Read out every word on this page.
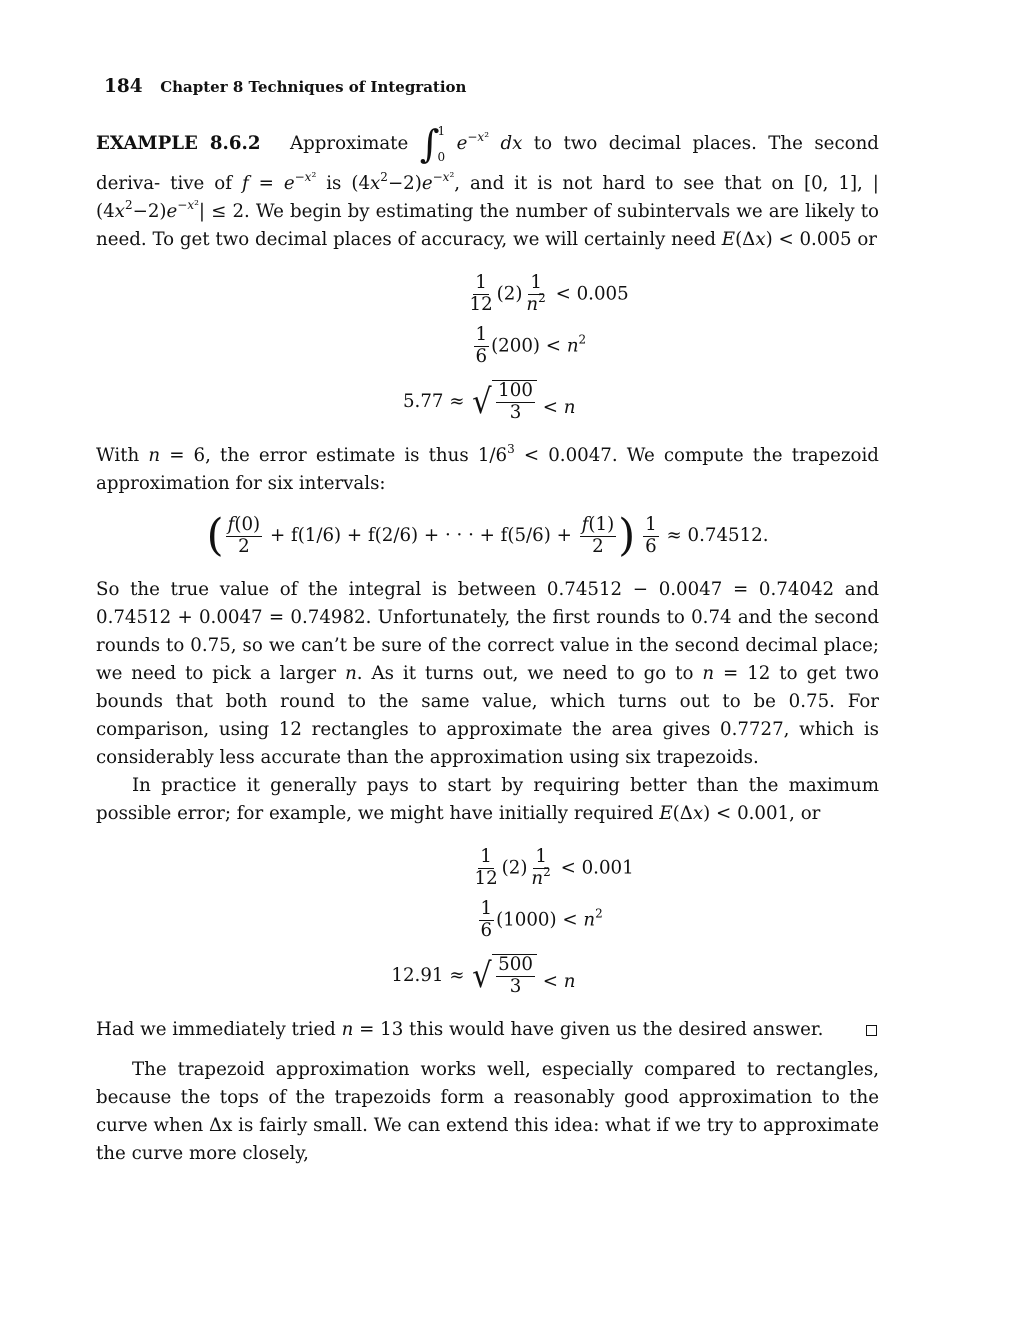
184 Chapter 8 Techniques of Integration

EXAMPLE 8.6.2 Approximate ∫
1
0
$e^{-x^2}$ dx to two decimal places. The second deriva- tive of $f = e^{-x^2}$ is $(4x^2-2)e^{-x^2}$, and it is not hard to see that on [0, 1], $|(4x^2-2)e^{-x^2}| \le 2$. We begin by estimating the number of subintervals we are likely to need. To get two decimal places of accuracy, we will certainly need E(Δx) < 0.005 or

$\frac{1}{12} (2) \frac{1}{n^2} < 0.005$
$\frac{1}{6} (200) < n^2$
5.77 ≈ √ $\frac{100}{3} < n$

With n = 6, the error estimate is thus $1/6^3 < 0.0047$. We compute the trapezoid approximation for six intervals:

( $\frac{f(0)}{2} + f(1/6) + f(2/6)$ + · · · + $f(5/6) + \frac{f(1)}{2}$ ) $\frac{1}{6} \approx 0.74512$.

So the true value of the integral is between 0.74512 − 0.0047 = 0.74042 and 0.74512 + 0.0047 = 0.74982. Unfortunately, the first rounds to 0.74 and the second rounds to 0.75, so we can’t be sure of the correct value in the second decimal place; we need to pick a larger n. As it turns out, we need to go to n = 12 to get two bounds that both round to the same value, which turns out to be 0.75. For comparison, using 12 rectangles to approximate the area gives 0.7727, which is considerably less accurate than the approximation using six trapezoids.

In practice it generally pays to start by requiring better than the maximum possible error; for example, we might have initially required E(Δx) < 0.001, or

$\frac{1}{12} (2) \frac{1}{n^2} < 0.001$
$\frac{1}{6} (1000) < n^2$
12.91 ≈ √ $\frac{500}{3} < n$

Had we immediately tried n = 13 this would have given us the desired answer.

The trapezoid approximation works well, especially compared to rectangles, because the tops of the trapezoids form a reasonably good approximation to the curve when Δx is fairly small. We can extend this idea: what if we try to approximate the curve more closely,
